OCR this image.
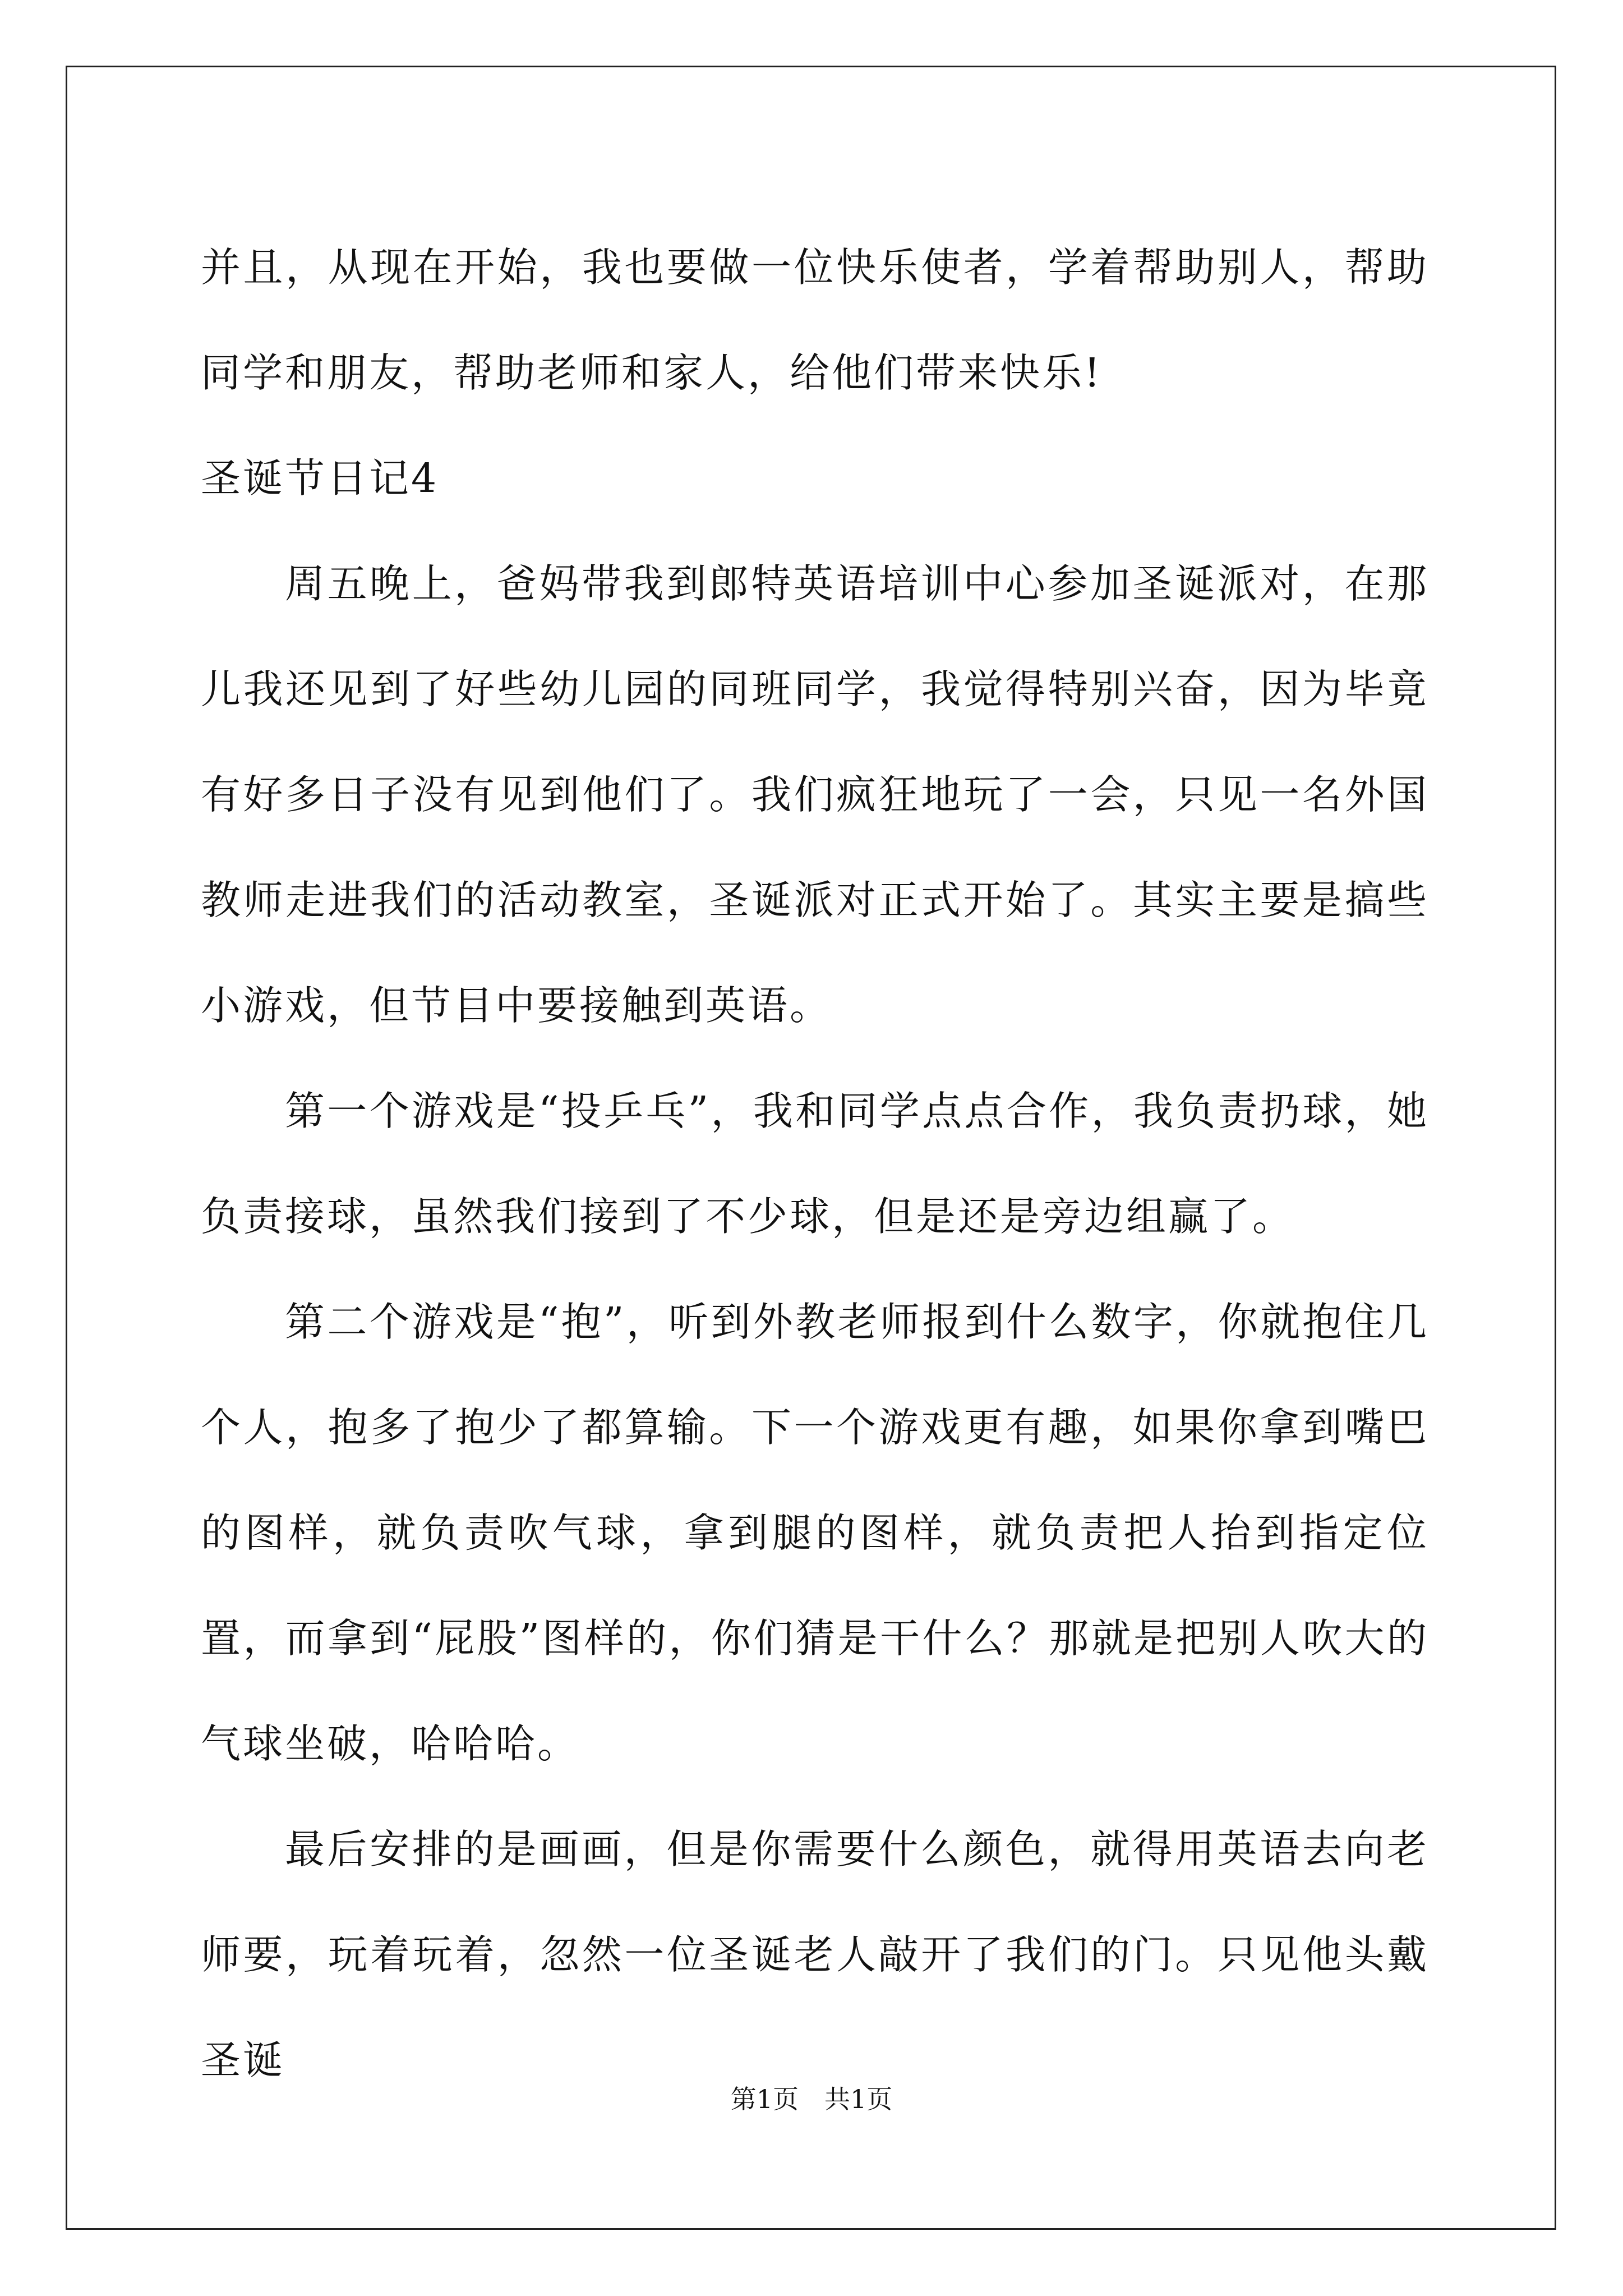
并且，从现在开始，我也要做一位快乐使者，学着帮助别人，帮助同学和朋友，帮助老师和家人，给他们带来快乐!

圣诞节日记4

周五晚上，爸妈带我到郎特英语培训中心参加圣诞派对，在那儿我还见到了好些幼儿园的同班同学，我觉得特别兴奋，因为毕竟有好多日子没有见到他们了。我们疯狂地玩了一会，只见一名外国教师走进我们的活动教室，圣诞派对正式开始了。其实主要是搞些小游戏，但节目中要接触到英语。

第一个游戏是“投乒乓”，我和同学点点合作，我负责扔球，她负责接球，虽然我们接到了不少球，但是还是旁边组赢了。

第二个游戏是“抱”，听到外教老师报到什么数字，你就抱住几个人，抱多了抱少了都算输。下一个游戏更有趣，如果你拿到嘴巴的图样，就负责吹气球，拿到腿的图样，就负责把人抬到指定位置，而拿到“屁股”图样的，你们猜是干什么？那就是把别人吹大的气球坐破，哈哈哈。

最后安排的是画画，但是你需要什么颜色，就得用英语去向老师要，玩着玩着，忽然一位圣诞老人敲开了我们的门。只见他头戴圣诞

第1页　共1页
